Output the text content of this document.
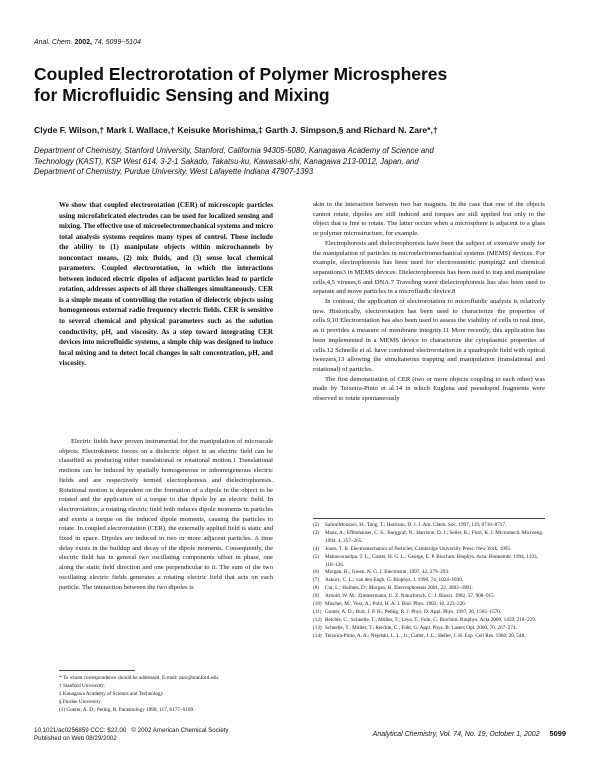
Anal. Chem. 2002, 74, 5099−5104
Coupled Electrorotation of Polymer Microspheres
for Microfluidic Sensing and Mixing
Clyde F. Wilson,† Mark I. Wallace,† Keisuke Morishima,‡ Garth J. Simpson,§ and Richard N. Zare*,†
Department of Chemistry, Stanford University, Stanford, California 94305-5080, Kanagawa Academy of Science and
Technology (KAST), KSP West 614, 3-2-1 Sakado, Takatsu-ku, Kawasaki-shi, Kanagawa 213-0012, Japan, and
Department of Chemistry, Purdue University, West Lafayette Indiana 47907-1393
We show that coupled electrorotation (CER) of microscopic particles using microfabricated electrodes can be used for localized sensing and mixing. The effective use of microelectromechanical systems and micro total analysis systems requires many types of control. These include the ability to (1) manipulate objects within microchannels by noncontact means, (2) mix fluids, and (3) sense local chemical parameters. Coupled electrorotation, in which the interactions between induced electric dipoles of adjacent particles lead to particle rotation, addresses aspects of all three challenges simultaneously. CER is a simple means of controlling the rotation of dielectric objects using homogeneous external radio frequency electric fields. CER is sensitive to several chemical and physical parameters such as the solution conductivity, pH, and viscosity. As a step toward integrating CER devices into microfluidic systems, a simple chip was designed to induce local mixing and to detect local changes in salt concentration, pH, and viscosity.

Electric fields have proven instrumental for the manipulation of microscale objects. Electrokinetic forces on a dielectric object in an electric field can be classified as producing either translational or rotational motion.1 Translational motions can be induced by spatially homogeneous or inhomogeneous electric fields and are respectively termed electrophoresis and dielectrophoresis. Rotational motion is dependent on the formation of a dipole in the object to be rotated and the application of a torque to that dipole by an electric field. In electrorotation, a rotating electric field both induces dipole moments in particles and exerts a torque on the induced dipole moments, causing the particles to rotate. In coupled electrorotation (CER), the externally applied field is static and fixed in space. Dipoles are induced in two or more adjacent particles. A time delay exists in the buildup and decay of the dipole moments. Consequently, the electric field has in general two oscillating components offset in phase, one along the static field direction and one perpendicular to it. The sum of the two oscillating electric fields generates a rotating electric field that acts on each particle. The interaction between the two dipoles is

* To whom correspondence should be addressed. E-mail: zare@stanford.edu.
† Stanford University.
‡ Kanagawa Academy of Science and Technology.
§ Purdue University.
(1) Gonter, A. D.; Pethig, R. Parasitology 1998, 117, S177–S189.

akin to the interaction between two bar magnets. In the case that one of the objects cannot rotate, dipoles are still induced and torques are still applied but only to the object that is free to rotate. The latter occurs when a microsphere is adjacent to a glass or polymer microstructure, for example.

Electrophoresis and dielectrophoresis have been the subject of extensive study for the manipulation of particles in microelectromechanical systems (MEMS) devices. For example, electrophoresis has been used for electroosmotic pumping2 and chemical separations3 in MEMS devices. Dielectrophoresis has been used to trap and manipulate cells,4,5 viruses,6 and DNA.7 Traveling wave dielectrophoresis has also been used to separate and move particles in a microfluidic device.8

In contrast, the application of electrorotation to microfluidic analysis is relatively new. Historically, electrorotation has been used to characterize the properties of cells.9,10 Electrorotation has also been used to assess the viability of cells in real time, as it provides a measure of membrane integrity.11 More recently, this application has been implemented in a MEMS device to characterize the cytoplasmic properties of cells.12 Schnelle et al. have combined electrorotation in a quadrupole field with optical tweezers,13 allowing the simultaneous trapping and manipulation (translational and rotational) of particles.

The first demonstration of CER (two or more objects coupling to each other) was made by Teixeira-Pinto et al.14 in which Euglena and pseudopod fragments were observed to rotate spontaneously

(2) SalimiMoosavi, H.; Tang, T.; Harrison, D. J. J. Am. Chem. Soc. 1997, 119, 8716–8717.
(3) Manz, A.; Effenhauser, C. S.; Burggraf, N.; Harrison, D. J.; Seiler, K.; Fluri, K. J. Micromech. Microeng. 1994, 4, 257–265.
(4) Jones, T. B. Electromechanics of Particles; Cambridge University Press: New York, 1995.
(5) Mahaworasilpa, T. L.; Coster, H. G. L.; George, E. P. Biochim. Biophys. Acta: Biomembr. 1994, 1193, 118–126.
(6) Morgan, H.; Green, N. G. J. Electrostat. 1997, 42, 279–293.
(7) Asbury, C. L.; van den Engh, G. Biophys. J. 1998, 74, 1024–1030.
(8) Cui, L.; Holmes, D.; Morgan, H. Electrophoresis 2001, 22, 3893–3901.
(9) Arnold, W. M.; Zimmermann, U. Z. Naturforsch. C: J. Biosci. 1982, 37, 908–915.
(10) Mischel, M.; Voss, A.; Pohl, H. A. J. Biol. Phys. 1982, 10, 223–226.
(11) Gonter, A. D.; Burt, J. P. H.; Pethig, R. J. Phys. D: Appl. Phys. 1997, 30, 1565–1570.
(12) Reichle, C.; Schnelle, T.; Müller, T.; Leya, T.; Fuhr, G. Biochim. Biophys. Acta 2000, 1459, 218–229.
(13) Schnelle, T.; Müller, T.; Reichle, C.; Fuhr, G. Appl. Phys. B: Lasers Opt. 2000, 70, 267–274.
(14) Teixeira-Pinto, A. A.; Nejelski, L. L., Jr.; Cutler, J. L.; Heller, J. H. Exp. Cell Res. 1960, 20, 548.
10.1021/ac0256859 CCC: $22.00 © 2002 American Chemical Society
Published on Web 08/29/2002
Analytical Chemistry, Vol. 74, No. 19, October 1, 2002 5099
